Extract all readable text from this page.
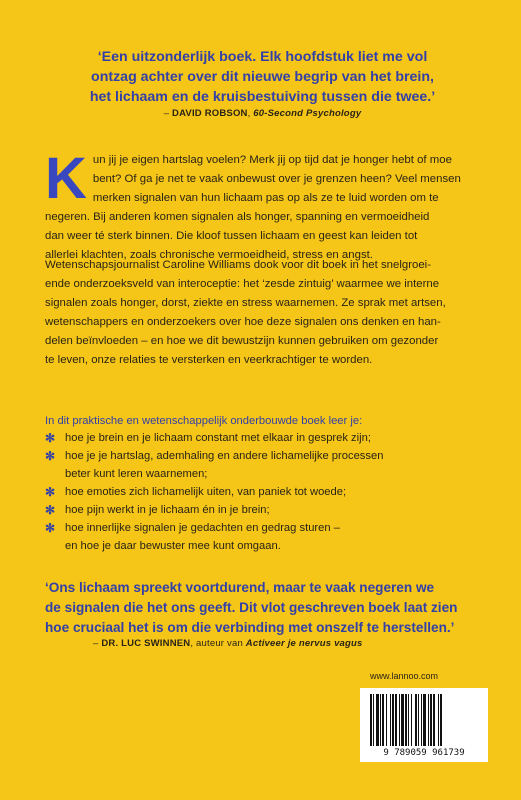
‘Een uitzonderlijk boek. Elk hoofdstuk liet me vol
ontzag achter over dit nieuwe begrip van het brein,
het lichaam en de kruisbestuiving tussen die twee.’

– DAVID ROBSON, 60-Second Psychology

Kun jij je eigen hartslag voelen? Merk jij op tijd dat je honger hebt of moe
bent? Of ga je net te vaak onbewust over je grenzen heen? Veel mensen
merken signalen van hun lichaam pas op als ze te luid worden om te
negeren. Bij anderen komen signalen als honger, spanning en vermoeidheid
dan weer té sterk binnen. Die kloof tussen lichaam en geest kan leiden tot
allerlei klachten, zoals chronische vermoeidheid, stress en angst.

Wetenschapsjournalist Caroline Williams dook voor dit boek in het snelgroei-
ende onderzoeksveld van interoceptie: het ‘zesde zintuig’ waarmee we interne
signalen zoals honger, dorst, ziekte en stress waarnemen. Ze sprak met artsen,
wetenschappers en onderzoekers over hoe deze signalen ons denken en han-
delen beïnvloeden – en hoe we dit bewustzijn kunnen gebruiken om gezonder
te leven, onze relaties te versterken en veerkrachtiger te worden.

In dit praktische en wetenschappelijk onderbouwde boek leer je:

✻ hoe je brein en je lichaam constant met elkaar in gesprek zijn;
✻ hoe je je hartslag, ademhaling en andere lichamelijke processen
beter kunt leren waarnemen;
✻ hoe emoties zich lichamelijk uiten, van paniek tot woede;
✻ hoe pijn werkt in je lichaam én in je brein;
✻ hoe innerlijke signalen je gedachten en gedrag sturen –
en hoe je daar bewuster mee kunt omgaan.

‘Ons lichaam spreekt voortdurend, maar te vaak negeren we
de signalen die het ons geeft. Dit vlot geschreven boek laat zien
hoe cruciaal het is om die verbinding met onszelf te herstellen.’

– DR. LUC SWINNEN, auteur van Activeer je nervus vagus
www.lannoo.com
9 789059 961739
